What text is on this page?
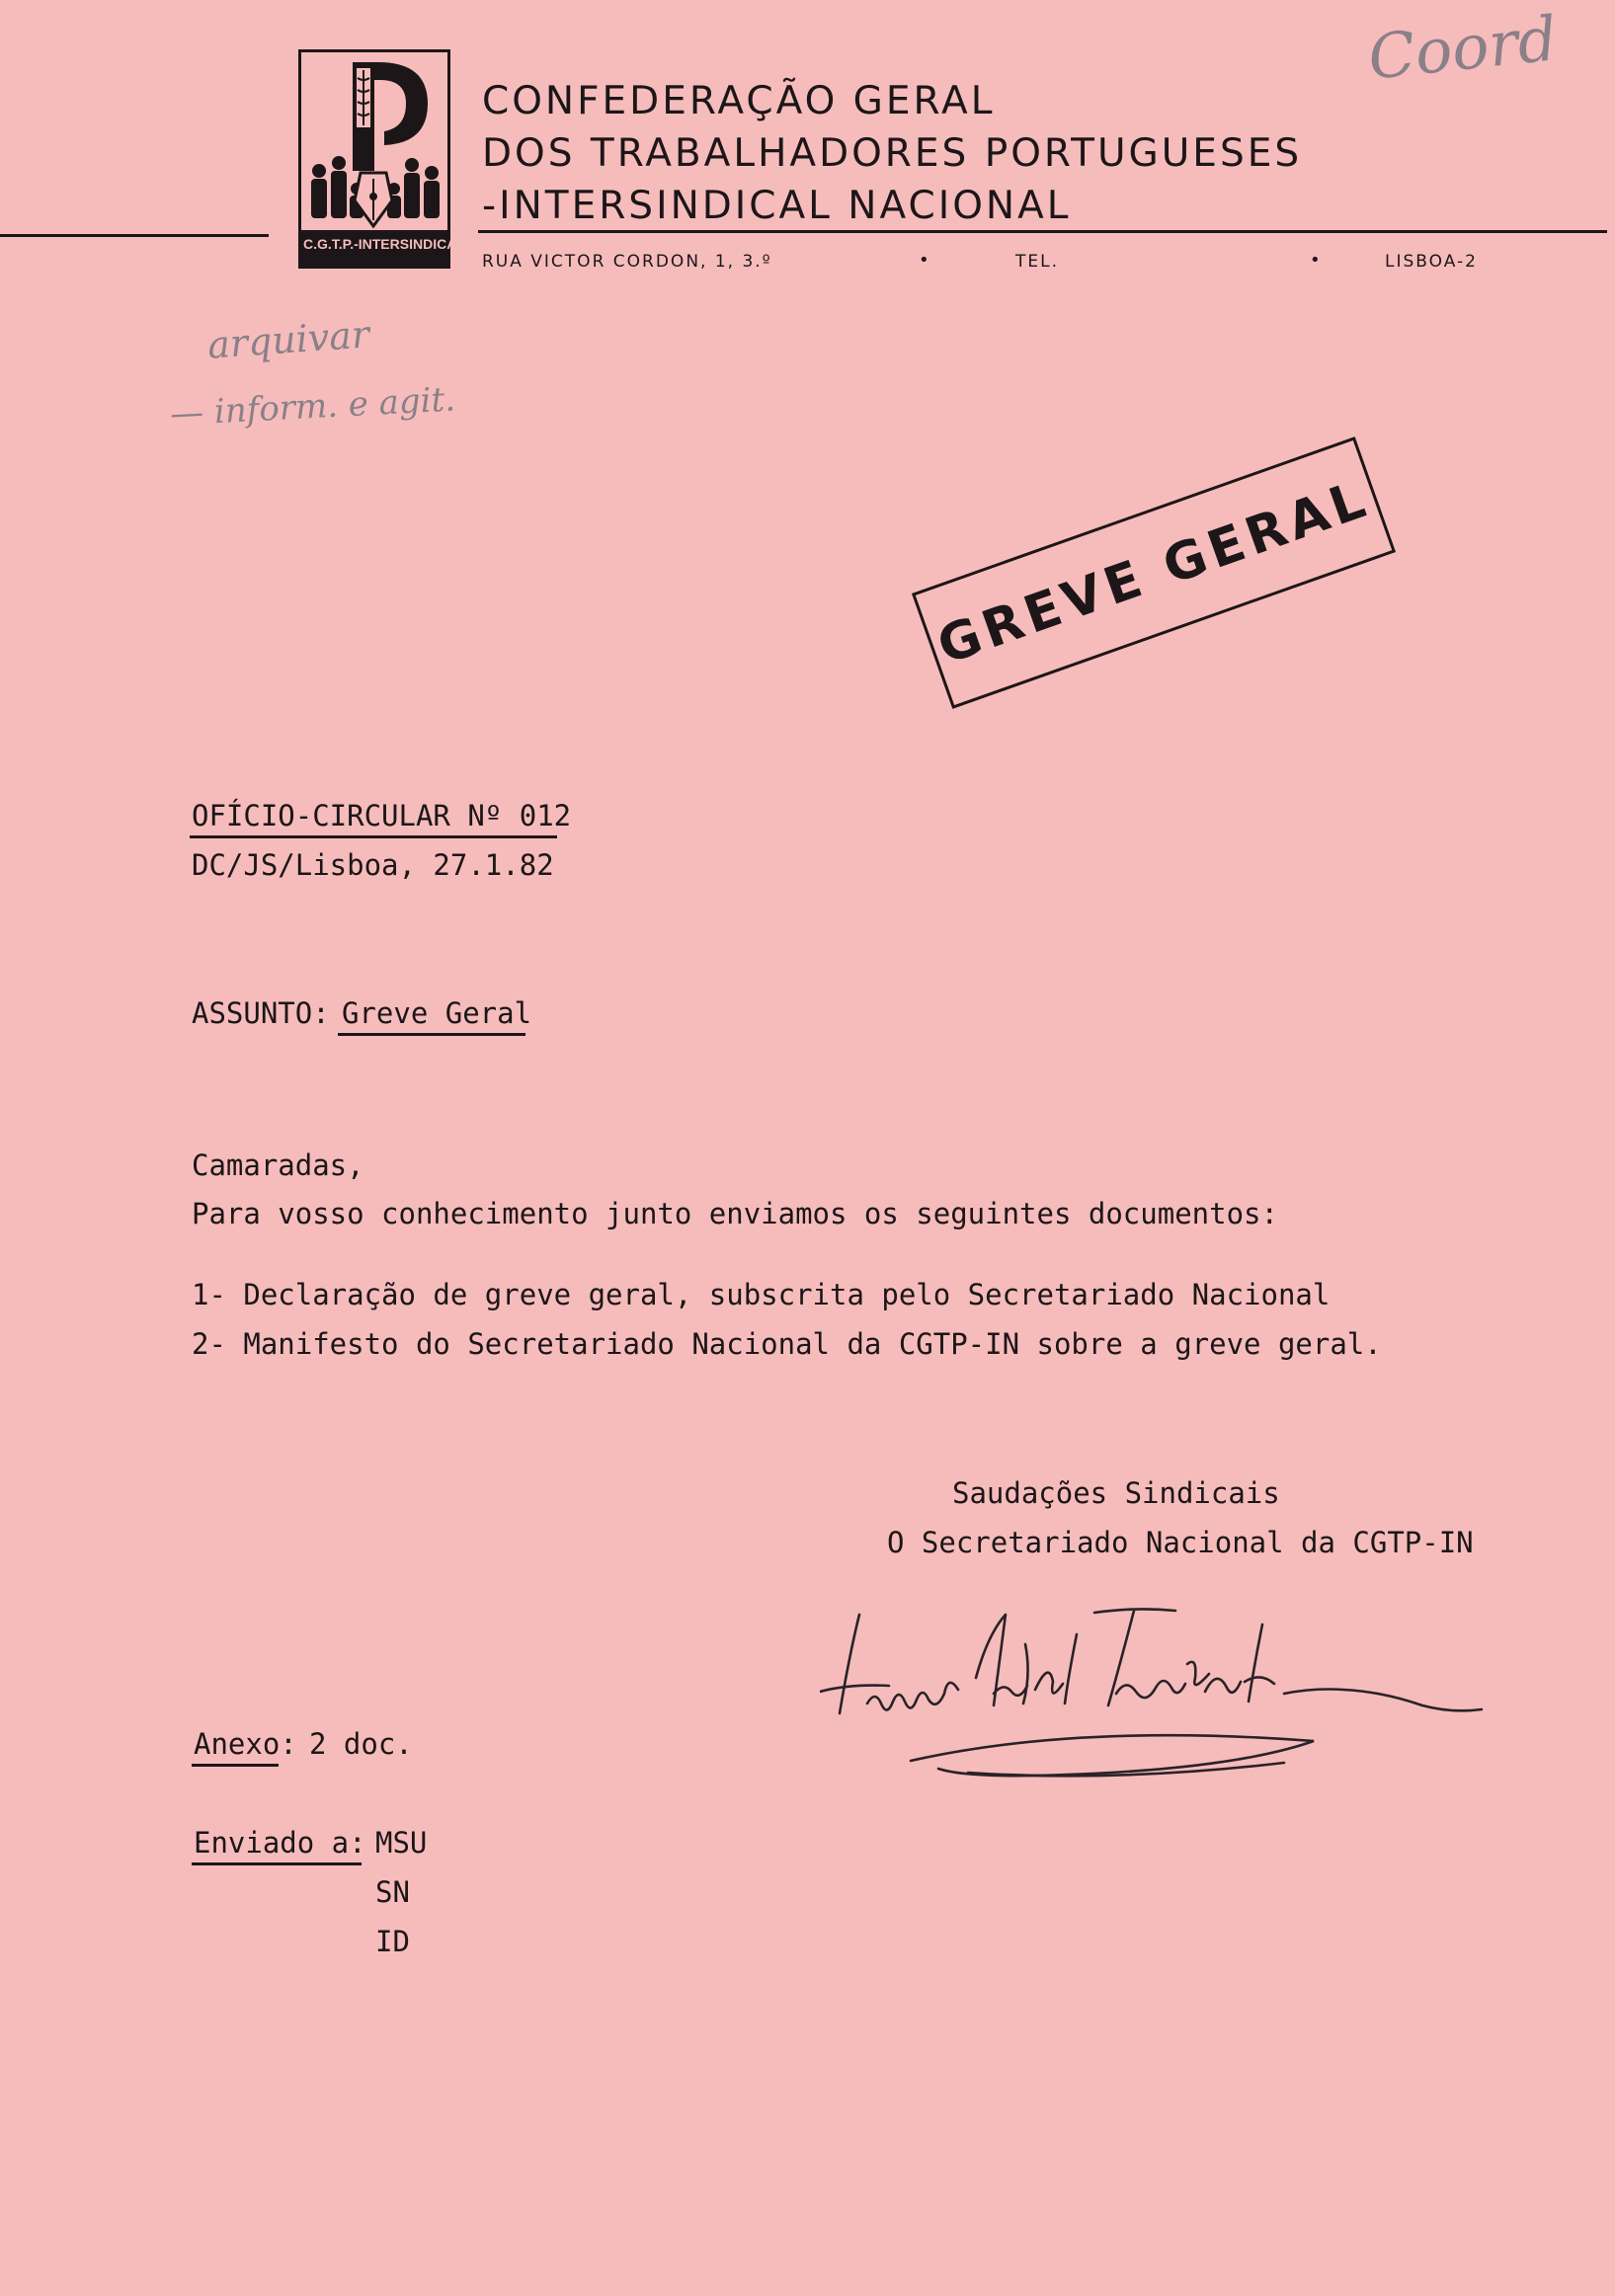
C.G.T.P.-INTERSINDICAL
CONFEDERAÇÃO GERAL
DOS TRABALHADORES PORTUGUESES
-INTERSINDICAL NACIONAL
RUA VICTOR CORDON, 1, 3.º	•	TEL.	•	LISBOA-2
Coord
arquivar
— inform. e agit.
GREVE GERAL
OFÍCIO-CIRCULAR Nº 012
DC/JS/Lisboa, 27.1.82
ASSUNTO: Greve Geral
Camaradas,
Para vosso conhecimento junto enviamos os seguintes documentos:
1- Declaração de greve geral, subscrita pelo Secretariado Nacional
2- Manifesto do Secretariado Nacional da CGTP-IN sobre a greve geral.
Saudações Sindicais
O Secretariado Nacional da CGTP-IN
Anexo: 2 doc.
Enviado a: MSU
SN
ID
